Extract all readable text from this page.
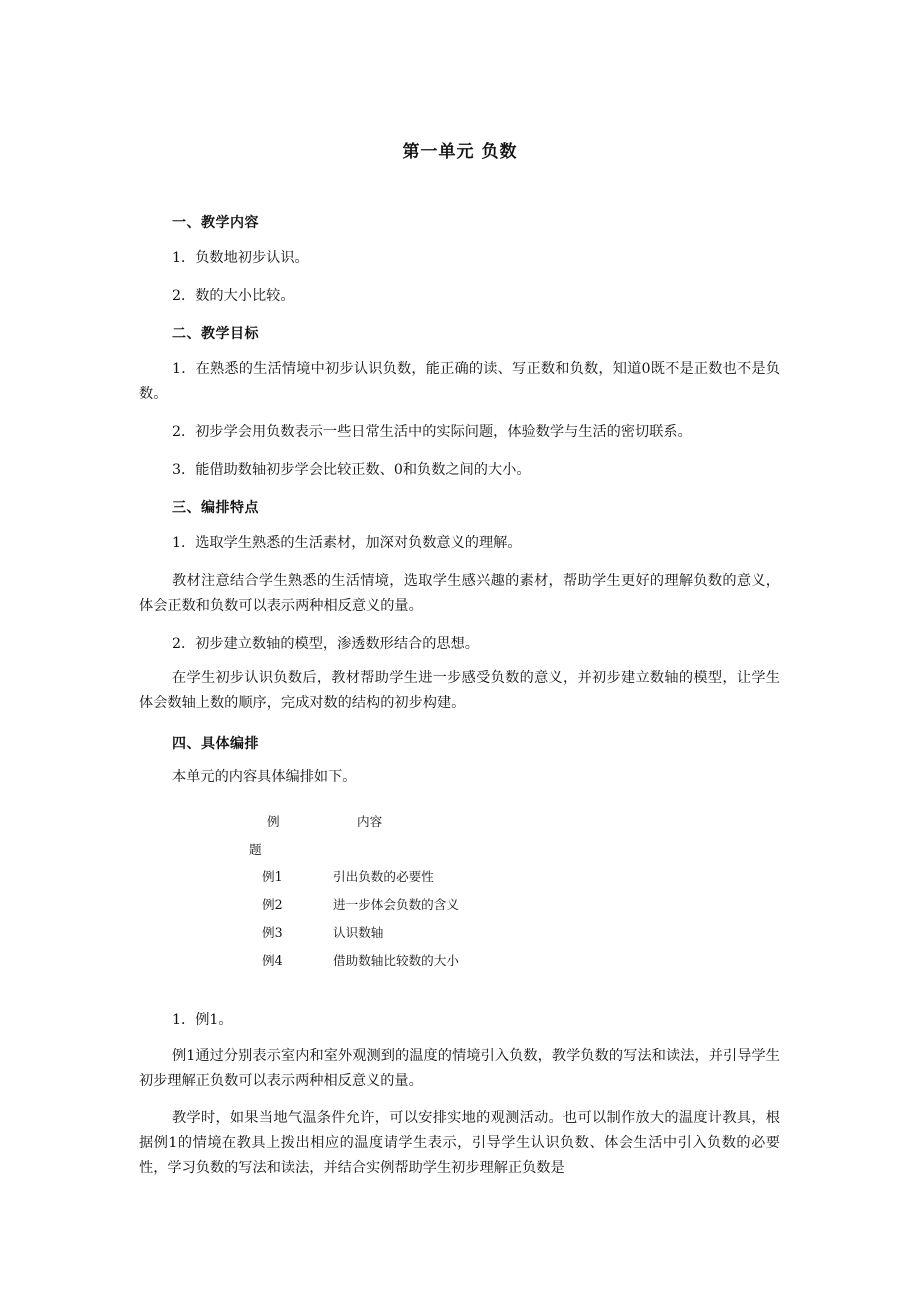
第一单元 负数
一、教学内容
1．负数地初步认识。
2．数的大小比较。
二、教学目标
1．在熟悉的生活情境中初步认识负数，能正确的读、写正数和负数，知道0既不是正数也不是负数。
2．初步学会用负数表示一些日常生活中的实际问题，体验数学与生活的密切联系。
3．能借助数轴初步学会比较正数、0和负数之间的大小。
三、编排特点
1．选取学生熟悉的生活素材，加深对负数意义的理解。
教材注意结合学生熟悉的生活情境，选取学生感兴趣的素材，帮助学生更好的理解负数的意义，体会正数和负数可以表示两种相反意义的量。
2．初步建立数轴的模型，渗透数形结合的思想。
在学生初步认识负数后，教材帮助学生进一步感受负数的意义，并初步建立数轴的模型，让学生体会数轴上数的顺序，完成对数的结构的初步构建。
四、具体编排
本单元的内容具体编排如下。
例	内容
题
例1	引出负数的必要性
例2	进一步体会负数的含义
例3	认识数轴
例4	借助数轴比较数的大小
1．例1。
例1通过分别表示室内和室外观测到的温度的情境引入负数，教学负数的写法和读法，并引导学生初步理解正负数可以表示两种相反意义的量。
教学时，如果当地气温条件允许，可以安排实地的观测活动。也可以制作放大的温度计教具，根据例1的情境在教具上拨出相应的温度请学生表示，引导学生认识负数、体会生活中引入负数的必要性，学习负数的写法和读法，并结合实例帮助学生初步理解正负数是
